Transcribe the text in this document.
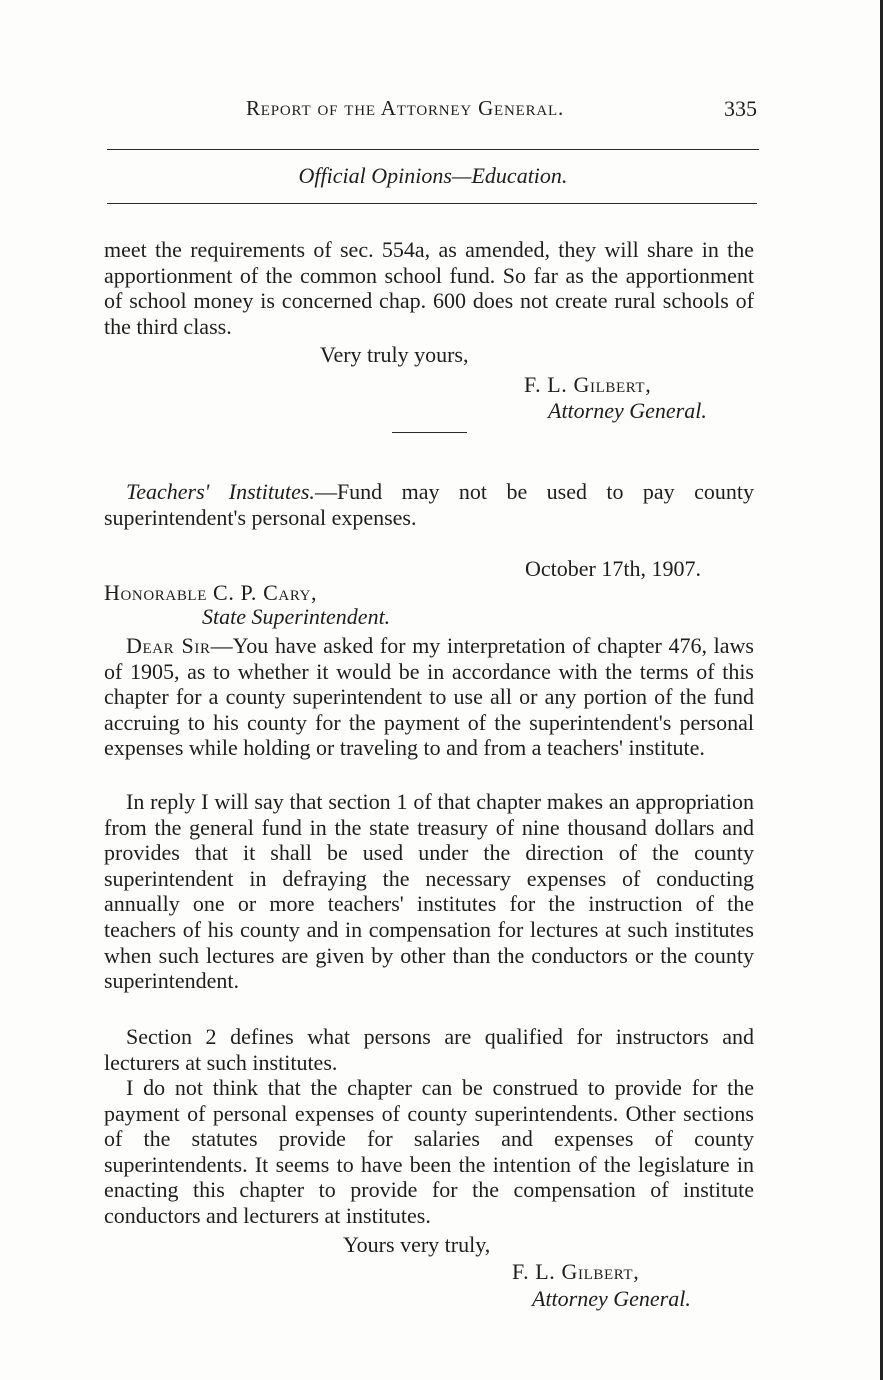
Report of the Attorney General.	335
Official Opinions—Education.

meet the requirements of sec. 554a, as amended, they will share in the apportionment of the common school fund. So far as the apportionment of school money is concerned chap. 600 does not create rural schools of the third class.

Very truly yours,
F. L. Gilbert,
Attorney General.

Teachers' Institutes.—Fund may not be used to pay county superintendent's personal expenses.

October 17th, 1907.
Honorable C. P. Cary,
State Superintendent.

Dear Sir—You have asked for my interpretation of chapter 476, laws of 1905, as to whether it would be in accordance with the terms of this chapter for a county superintendent to use all or any portion of the fund accruing to his county for the payment of the superintendent's personal expenses while holding or traveling to and from a teachers' institute.

In reply I will say that section 1 of that chapter makes an appropriation from the general fund in the state treasury of nine thousand dollars and provides that it shall be used under the direction of the county superintendent in defraying the necessary expenses of conducting annually one or more teachers' institutes for the instruction of the teachers of his county and in compensation for lectures at such institutes when such lectures are given by other than the conductors or the county superintendent.

Section 2 defines what persons are qualified for instructors and lecturers at such institutes.

I do not think that the chapter can be construed to provide for the payment of personal expenses of county superintendents. Other sections of the statutes provide for salaries and expenses of county superintendents. It seems to have been the intention of the legislature in enacting this chapter to provide for the compensation of institute conductors and lecturers at institutes.

Yours very truly,
F. L. Gilbert,
Attorney General.
